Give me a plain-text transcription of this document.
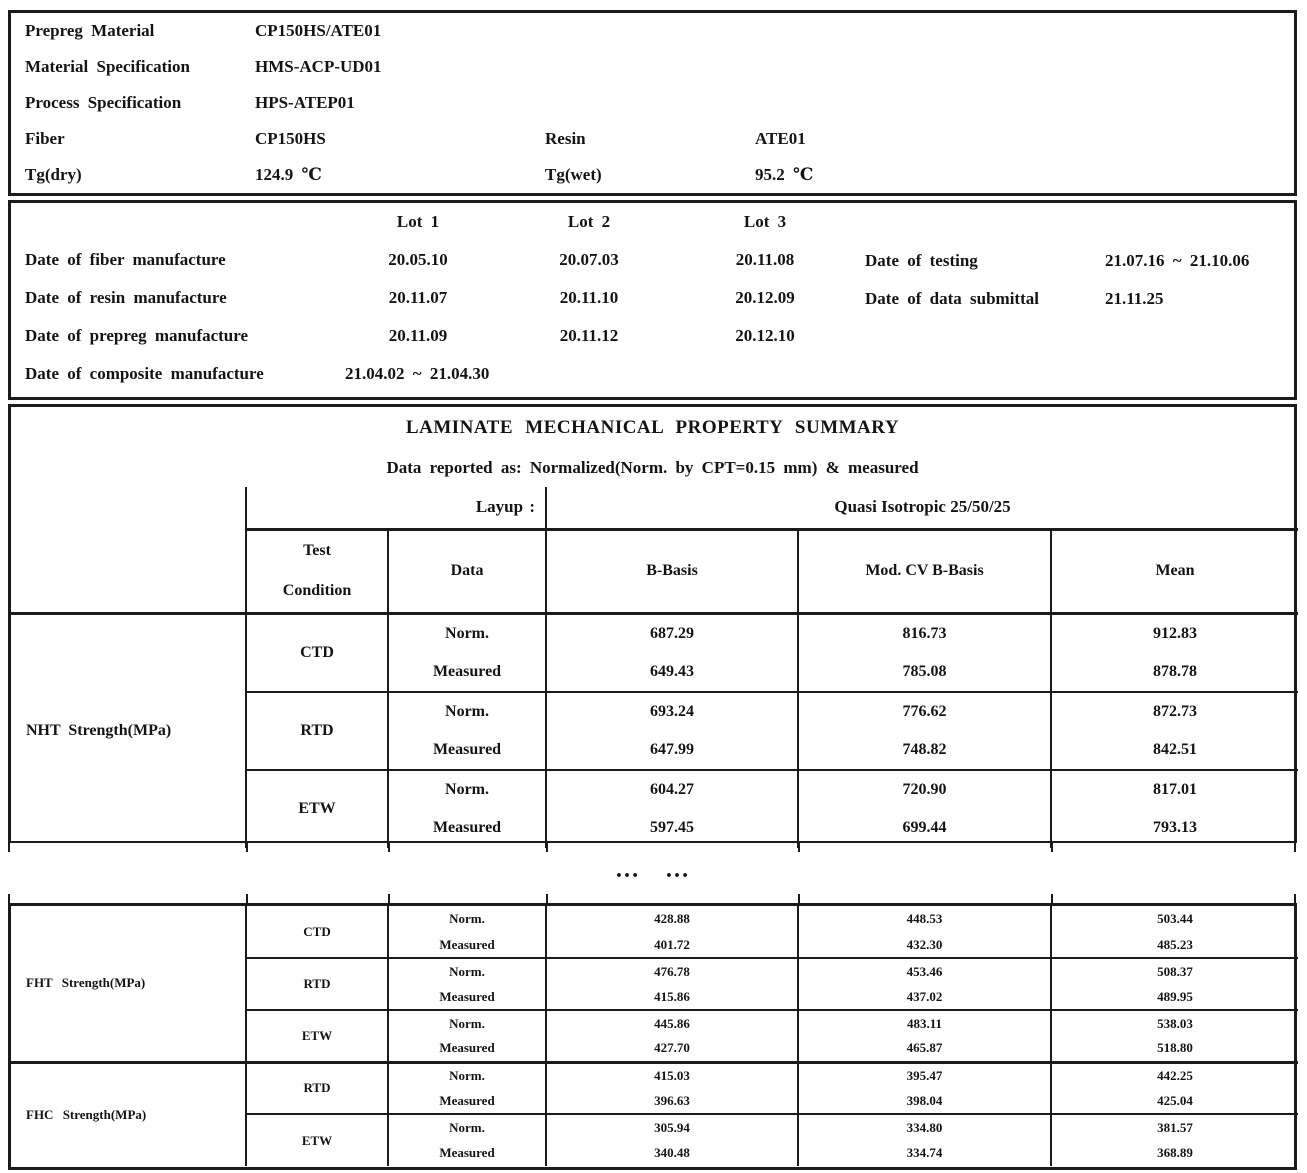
Prepreg Material	CP150HS/ATE01
Material Specification	HMS-ACP-UD01
Process Specification	HPS-ATEP01
Fiber	CP150HS	Resin	ATE01
Tg(dry)	124.9 ℃	Tg(wet)	95.2 ℃
Lot 1	Lot 2	Lot 3
Date of fiber manufacture	20.05.10	20.07.03	20.11.08
Date of resin manufacture	20.11.07	20.11.10	20.12.09
Date of prepreg manufacture	20.11.09	20.11.12	20.12.10
Date of composite manufacture	21.04.02 ~ 21.04.30
Date of testing	21.07.16 ~ 21.10.06
Date of data submittal	21.11.25
LAMINATE MECHANICAL PROPERTY SUMMARY
Data reported as: Normalized(Norm. by CPT=0.15 mm) & measured
	Layup :		Quasi Isotropic 25/50/25		
	Test Condition	Data	B-Basis	Mod. CV B-Basis	Mean
NHT Strength(MPa)	CTD	Norm.	687.29	816.73	912.83
		Measured	649.43	785.08	878.78
	RTD	Norm.	693.24	776.62	872.73
		Measured	647.99	748.82	842.51
	ETW	Norm.	604.27	720.90	817.01
		Measured	597.45	699.44	793.13
… …
FHT Strength(MPa)	CTD	Norm.	428.88	448.53	503.44
		Measured	401.72	432.30	485.23
	RTD	Norm.	476.78	453.46	508.37
		Measured	415.86	437.02	489.95
	ETW	Norm.	445.86	483.11	538.03
		Measured	427.70	465.87	518.80
FHC Strength(MPa)	RTD	Norm.	415.03	395.47	442.25
		Measured	396.63	398.04	425.04
	ETW	Norm.	305.94	334.80	381.57
		Measured	340.48	334.74	368.89
